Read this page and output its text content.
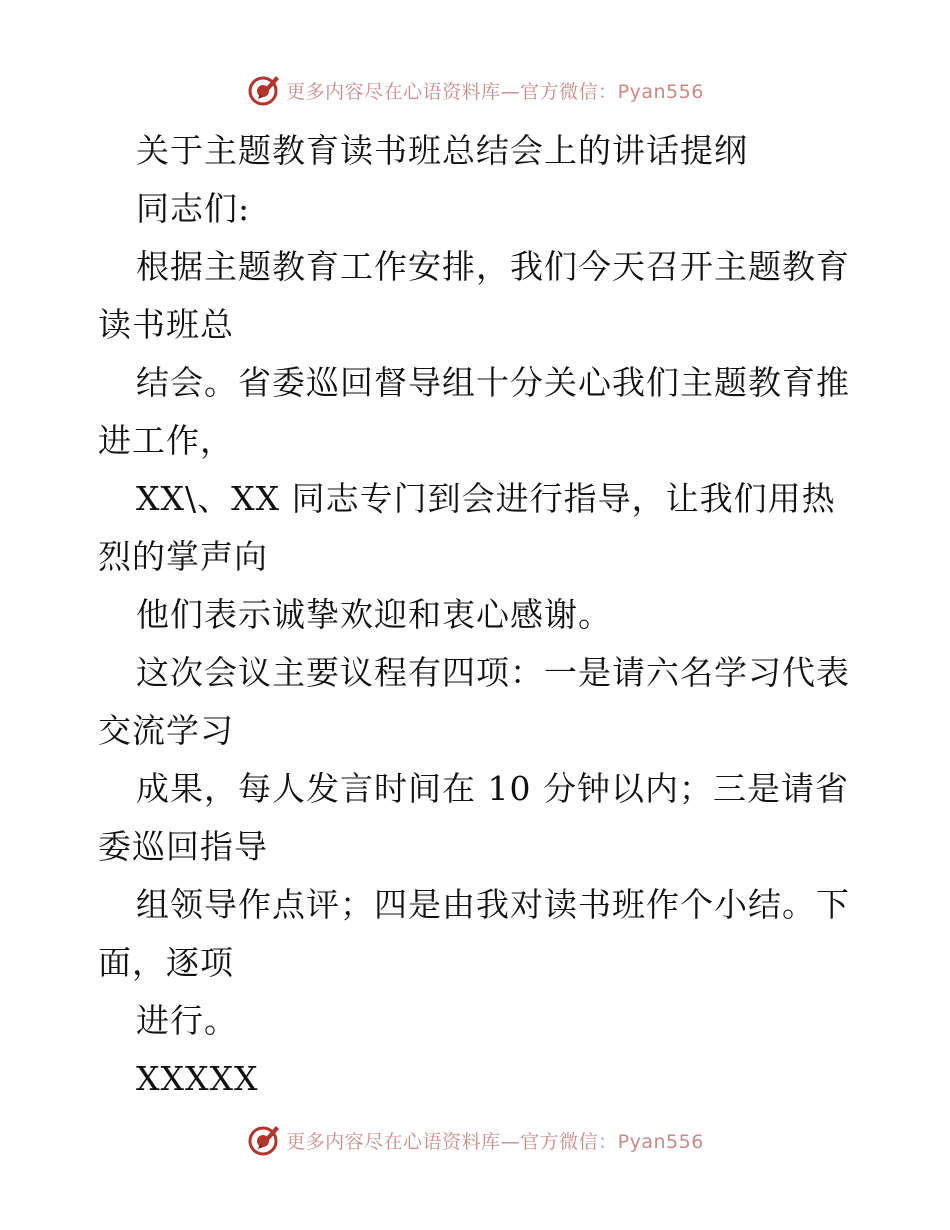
更多内容尽在心语资料库—官方微信：Pyan556
关于主题教育读书班总结会上的讲话提纲
同志们:
根据主题教育工作安排，我们今天召开主题教育
读书班总
结会。省委巡回督导组十分关心我们主题教育推
进工作，
XX\、XX 同志专门到会进行指导，让我们用热
烈的掌声向
他们表示诚挚欢迎和衷心感谢。
这次会议主要议程有四项：一是请六名学习代表
交流学习
成果，每人发言时间在 10 分钟以内；三是请省
委巡回指导
组领导作点评；四是由我对读书班作个小结。下
面，逐项
进行。
XXXXX
更多内容尽在心语资料库—官方微信：Pyan556
